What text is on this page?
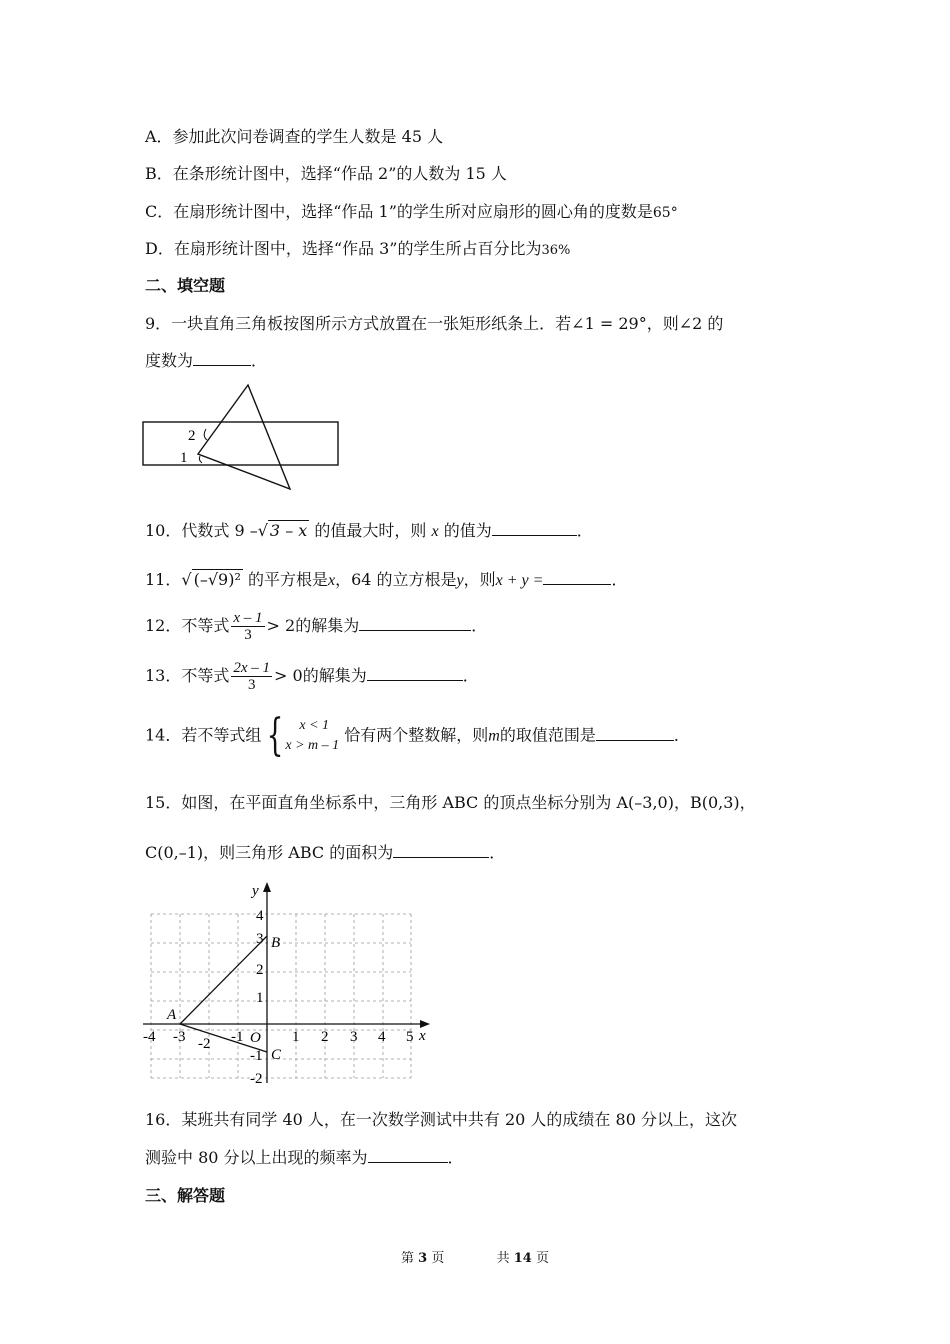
A．参加此次问卷调查的学生人数是 45 人
B．在条形统计图中，选择“作品 2”的人数为 15 人
C．在扇形统计图中，选择“作品 1”的学生所对应扇形的圆心角的度数是65°
D．在扇形统计图中，选择“作品 3”的学生所占百分比为36%
二、填空题
9．一块直角三角板按图所示方式放置在一张矩形纸条上．若∠1 = 29°，则∠2 的
度数为	．
2
1
10．代数式 9 –√ 3 – x 的值最大时，则 x 的值为	．
11．√ (–√9)² 的平方根是x，64 的立方根是y，则x + y =	．
12．不等式 $\frac{x - 1}{3} > 2$的解集为	．
13．不等式 $\frac{2x - 1}{3} > 0$的解集为	．
14．若不等式组 {	x < 1
x > m – 1
恰有两个整数解，则m的取值范围是	．
15．如图，在平面直角坐标系中，三角形 ABC 的顶点坐标分别为 A(–3,0)，B(0,3)，
C(0,–1)，则三角形 ABC 的面积为	．
x
y
O
-4 -3 -2 -1	1 2 3 4 5
4
3
2
1
-1
-2
A
B
C
16．某班共有同学 40 人，在一次数学测试中共有 20 人的成绩在 80 分以上，这次
测验中 80 分以上出现的频率为	．
三、解答题
第 3 页	共 14 页
